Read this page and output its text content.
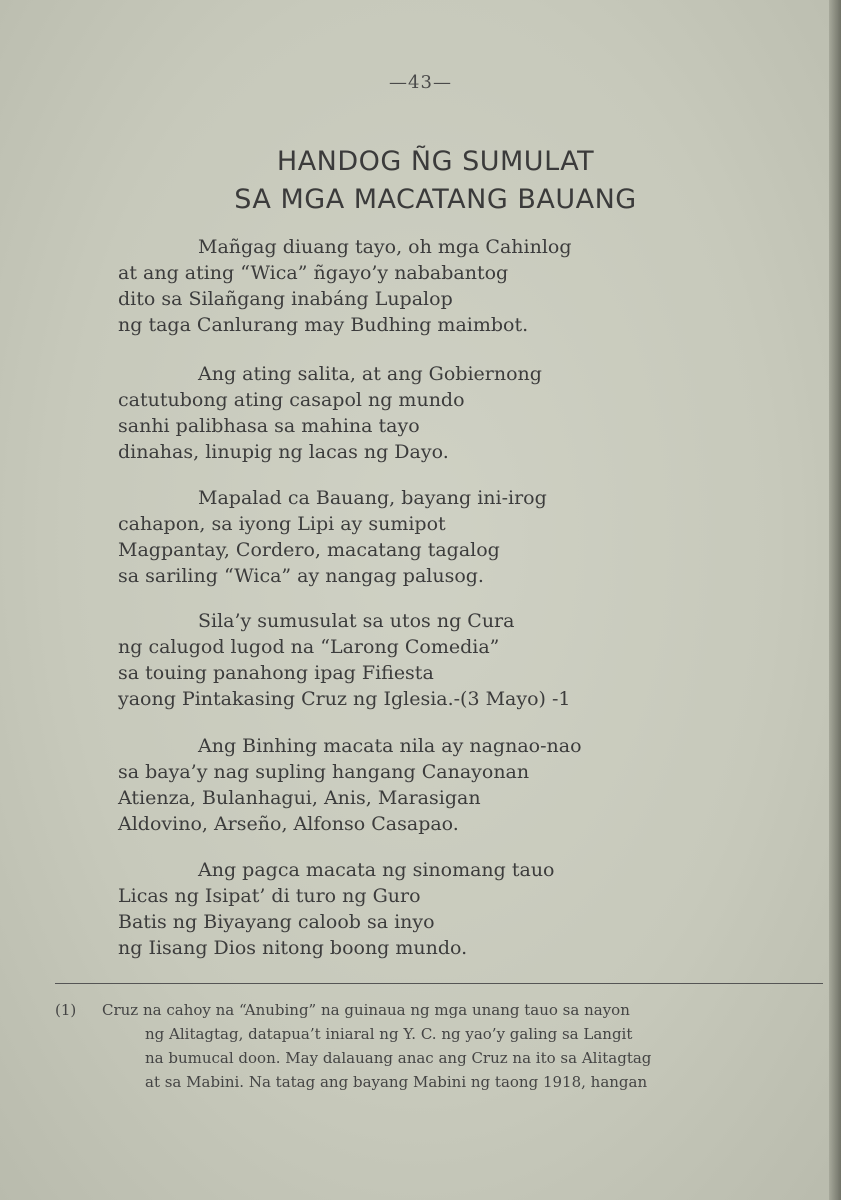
—43—
HANDOG ÑG SUMULAT
SA MGA MACATANG BAUANG
Mañgag diuang tayo, oh mga Cahinlog
at ang ating “Wica” ñgayo’y nababantog
dito sa Silañgang inabáng Lupalop
ng taga Canlurang may Budhing maimbot.
Ang ating salita, at ang Gobiernong
catutubong ating casapol ng mundo
sanhi palibhasa sa mahina tayo
dinahas, linupig ng lacas ng Dayo.
Mapalad ca Bauang, bayang ini-irog
cahapon, sa iyong Lipi ay sumipot
Magpantay, Cordero, macatang tagalog
sa sariling “Wica” ay nangag palusog.
Sila’y sumusulat sa utos ng Cura
ng calugod lugod na “Larong Comedia”
sa touing panahong ipag Fifiesta
yaong Pintakasing Cruz ng Iglesia.-(3 Mayo) -1
Ang Binhing macata nila ay nagnao-nao
sa baya’y nag supling hangang Canayonan
Atienza, Bulanhagui, Anis, Marasigan
Aldovino, Arseño, Alfonso Casapao.
Ang pagca macata ng sinomang tauo
Licas ng Isipat’ di turo ng Guro
Batis ng Biyayang caloob sa inyo
ng Iisang Dios nitong boong mundo.
(1) Cruz na cahoy na “Anubing” na guinaua ng mga unang tauo sa nayon
ng Alitagtag, datapua’t iniaral ng Y. C. ng yao’y galing sa Langit
na bumucal doon. May dalauang anac ang Cruz na ito sa Alitagtag
at sa Mabini. Na tatag ang bayang Mabini ng taong 1918, hangan
